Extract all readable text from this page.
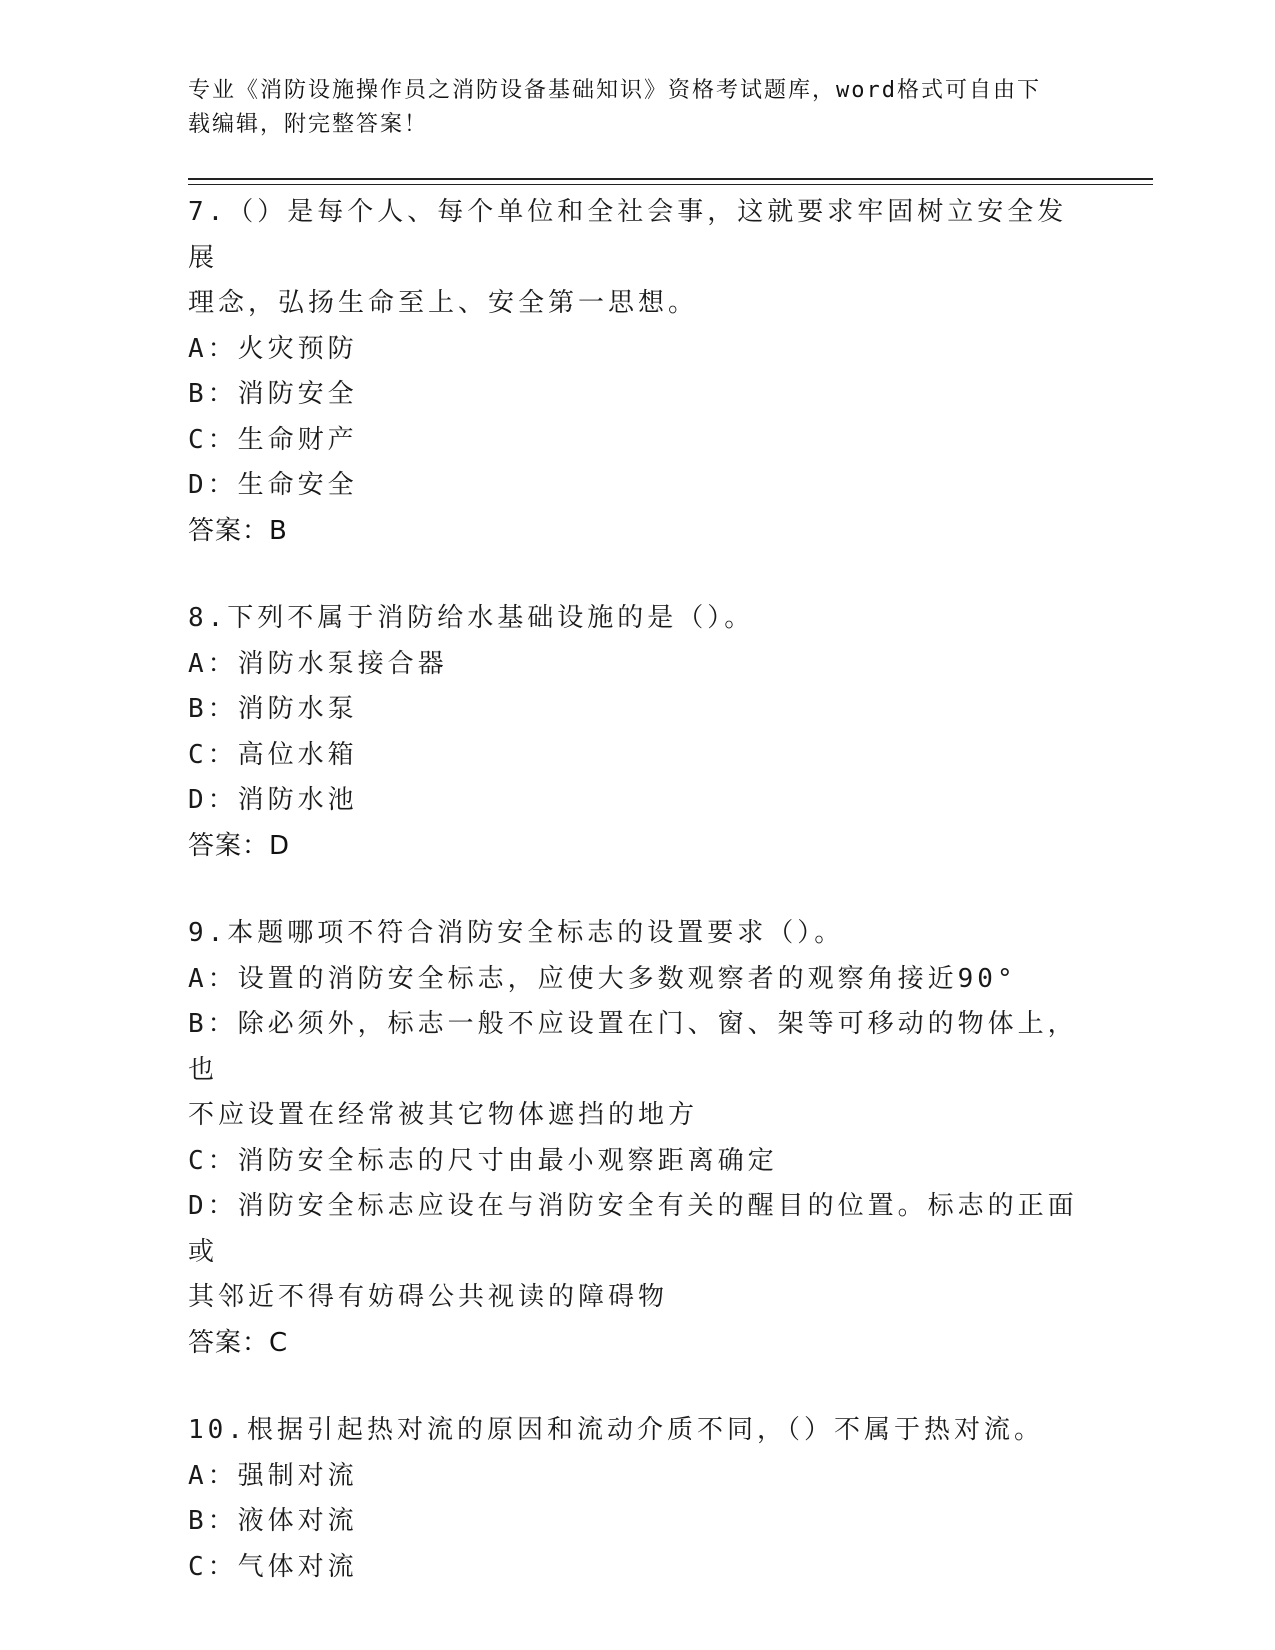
专业《消防设施操作员之消防设备基础知识》资格考试题库，word格式可自由下
载编辑，附完整答案！
7.（）是每个人、每个单位和全社会事，这就要求牢固树立安全发展
理念，弘扬生命至上、安全第一思想。
A：火灾预防
B：消防安全
C：生命财产
D：生命安全
答案：B
8.下列不属于消防给水基础设施的是（）。
A：消防水泵接合器
B：消防水泵
C：高位水箱
D：消防水池
答案：D
9.本题哪项不符合消防安全标志的设置要求（）。
A：设置的消防安全标志，应使大多数观察者的观察角接近90°
B：除必须外，标志一般不应设置在门、窗、架等可移动的物体上，也
不应设置在经常被其它物体遮挡的地方
C：消防安全标志的尺寸由最小观察距离确定
D：消防安全标志应设在与消防安全有关的醒目的位置。标志的正面或
其邻近不得有妨碍公共视读的障碍物
答案：C
10.根据引起热对流的原因和流动介质不同，（）不属于热对流。
A：强制对流
B：液体对流
C：气体对流
